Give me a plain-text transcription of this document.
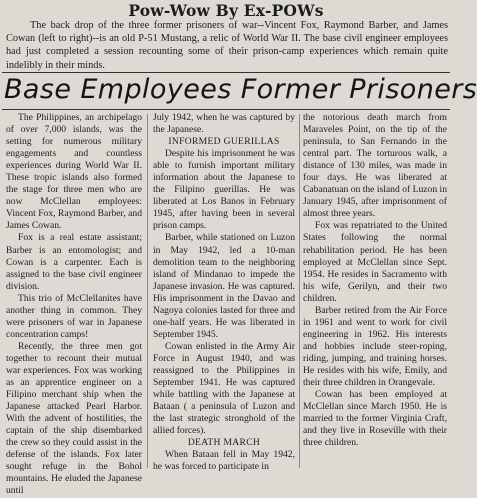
Pow-Wow By Ex-POWs
The back drop of the three former prisoners of war--Vincent Fox, Raymond Barber, and James Cowan (left to right)--is an old P-51 Mustang, a relic of World War II. The base civil engineer employees had just completed a session recounting some of their prison-camp experiences which remain quite indelibly in their minds.
Base Employees Former Prisoners

The Philippines, an archipelago of over 7,000 islands, was the setting for numerous military engagements and countless experiences during World War II. These tropic islands also formed the stage for three men who are now McClellan employees: Vincent Fox, Raymond Barber, and James Cowan.

Fox is a real estate assistant; Barber is an entomologist; and Cowan is a carpenter. Each is assigned to the base civil engineer division.

This trio of McClellanites have another thing in common. They were prisoners of war in Japanese concentration camps!

Recently, the three men got together to recount their mutual war experiences. Fox was working as an apprentice engineer on a Filipino merchant ship when the Japanese attacked Pearl Harbor. With the advent of hostilities, the captain of the ship disembarked the crew so they could assist in the defense of the islands. Fox later sought refuge in the Bohol mountains. He eluded the Japanese until

July 1942, when he was captured by the Japanese.

INFORMED GUERILLAS

Despite his imprisonment he was able to furnish important military information about the Japanese to the Filipino guerillas. He was liberated at Los Banos in February 1945, after having been in several prison camps.

Barber, while stationed on Luzon in May 1942, led a 10-man demolition team to the neighboring island of Mindanao to impede the Japanese invasion. He was captured. His imprisonment in the Davao and Nagoya colonies lasted for three and one-half years. He was liberated in September 1945.

Cowan enlisted in the Army Air Force in August 1940, and was reassigned to the Philippines in September 1941. He was captured while battling with the Japanese at Bataan ( a peninsula of Luzon and the last strategic stronghold of the allied forces).

DEATH MARCH

When Bataan fell in May 1942, he was forced to participate in

the notorious death march from Maraveles Point, on the tip of the peninsula, to San Fernando in the central part. The torturous walk, a distance of 130 miles, was made in four days. He was liberated at Cabanatuan on the island of Luzon in January 1945, after imprisonment of almost three years.

Fox was repatriated to the United States following the normal rehabilitation period. He has been employed at McClellan since Sept. 1954. He resides in Sacramento with his wife, Gerilyn, and their two children.

Barber retired from the Air Force in 1961 and went to work for civil engineering in 1962. His interests and hobbies include steer-roping, riding, jumping, and training horses. He resides with his wife, Emily, and their three children in Orangevale.

Cowan has been employed at McClellan since March 1950. He is married to the former Virginia Craft, and they live in Roseville with their three children.
